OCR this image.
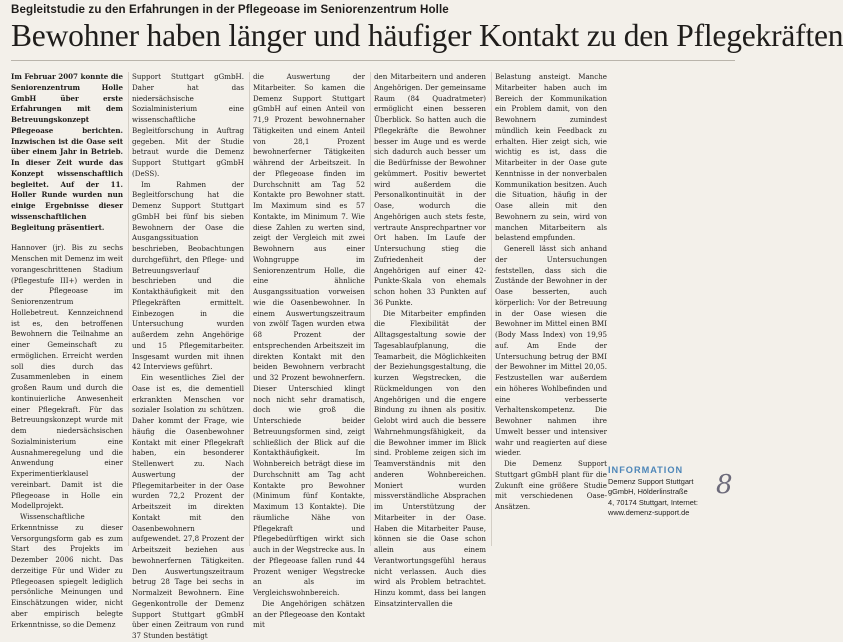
Begleitstudie zu den Erfahrungen in der Pflegeoase im Seniorenzentrum Holle
Bewohner haben länger und häufiger Kontakt zu den Pflegekräften

Im Februar 2007 konnte die Seniorenzentrum Holle GmbH über erste Erfahrungen mit dem Betreuungskonzept Pflegeoase berichten. Inzwischen ist die Oase seit über einem Jahr in Betrieb. In dieser Zeit wurde das Konzept wissenschaftlich begleitet. Auf der 11. Holler Runde wurden nun einige Ergebnisse dieser wissenschaftlichen Begleitung präsentiert.

Hannover (jr). Bis zu sechs Menschen mit Demenz im weit vorangeschrittenen Stadium (Pflegestufe III+) werden in der Pflegeoase im Seniorenzentrum Hollebetreut. Kennzeichnend ist es, den betroffenen Bewohnern die Teilnahme an einer Gemeinschaft zu ermöglichen. Erreicht werden soll dies durch das Zusammenleben in einem großen Raum und durch die kontinuierliche Anwesenheit einer Pflegekraft. Für das Betreuungskonzept wurde mit dem niedersächsischen Sozialministerium eine Ausnahmeregelung und die Anwendung einer Experimentierklausel vereinbart. Damit ist die Pflegeoase in Holle ein Modellprojekt.

Wissenschaftliche Erkenntnisse zu dieser Versorgungsform gab es zum Start des Projekts im Dezember 2006 nicht. Das derzeitige Für und Wider zu Pflegeoasen spiegelt lediglich persönliche Meinungen und Einschätzungen wider, nicht aber empirisch belegte Erkenntnisse, so die Demenz

Support Stuttgart gGmbH. Daher hat das niedersächsische Sozialministerium eine wissenschaftliche Begleitforschung in Auftrag gegeben. Mit der Studie betraut wurde die Demenz Support Stuttgart gGmbH (DeSS).

Im Rahmen der Begleitforschung hat die Demenz Support Stuttgart gGmbH bei fünf bis sieben Bewohnern der Oase die Ausgangssituation beschrieben, Beobachtungen durchgeführt, den Pflege- und Betreuungsverlauf beschrieben und die Kontakthäufigkeit mit den Pflegekräften ermittelt. Einbezogen in die Untersuchung wurden außerdem zehn Angehörige und 15 Pflegemitarbeiter. Insgesamt wurden mit ihnen 42 Interviews geführt.

Ein wesentliches Ziel der Oase ist es, die dementiell erkrankten Menschen vor sozialer Isolation zu schützen. Daher kommt der Frage, wie häufig die Oasenbewohner Kontakt mit einer Pflegekraft haben, ein besonderer Stellenwert zu. Nach Auswertung der Pflegemitarbeiter in der Oase wurden 72,2 Prozent der Arbeitszeit im direkten Kontakt mit den Oasenbewohnern aufgewendet. 27,8 Prozent der Arbeitszeit beziehen aus bewohnerfernen Tätigkeiten. Den Auswertungszeitraum betrug 28 Tage bei sechs in Normalzeit Bewohnern. Eine Gegenkontrolle der Demenz Support Stuttgart gGmbH über einen Zeitraum von rund 37 Stunden bestätigt

die Auswertung der Mitarbeiter. So kamen die Demenz Support Stuttgart gGmbH auf einen Anteil von 71,9 Prozent bewohnernaher Tätigkeiten und einem Anteil von 28,1 Prozent bewohnerferner Tätigkeiten während der Arbeitszeit. In der Pflegeoase finden im Durchschnitt am Tag 52 Kontakte pro Bewohner statt. Im Maximum sind es 57 Kontakte, im Minimum 7. Wie diese Zahlen zu werten sind, zeigt der Vergleich mit zwei Bewohnern aus einer Wohngruppe im Seniorenzentrum Holle, die eine ähnliche Ausgangssituation vorweisen wie die Oasenbewohner. In einem Auswertungszeitraum von zwölf Tagen wurden etwa 68 Prozent der entsprechenden Arbeitszeit im direkten Kontakt mit den beiden Bewohnern verbracht und 32 Prozent bewohnerfern. Dieser Unterschied klingt noch nicht sehr dramatisch, doch wie groß die Unterschiede beider Betreuungsformen sind, zeigt schließlich der Blick auf die Kontakthäufigkeit. Im Wohnbereich beträgt diese im Durchschnitt am Tag acht Kontakte pro Bewohner (Minimum fünf Kontakte, Maximum 13 Kontakte). Die räumliche Nähe von Pflegekraft und Pflegebedürftigen wirkt sich auch in der Wegstrecke aus. In der Pflegeoase fallen rund 44 Prozent weniger Wegstrecke an als im Vergleichswohnbereich.

Die Angehörigen schätzen an der Pflegeoase den Kontakt mit

den Mitarbeitern und anderen Angehörigen. Der gemeinsame Raum (84 Quadratmeter) ermöglicht einen besseren Überblick. So hatten auch die Pflegekräfte die Bewohner besser im Auge und es werde sich dadurch auch besser um die Bedürfnisse der Bewohner gekümmert. Positiv bewertet wird außerdem die Personalkontinuität in der Oase, wodurch die Angehörigen auch stets feste, vertraute Ansprechpartner vor Ort haben. Im Laufe der Untersuchung stieg die Zufriedenheit der Angehörigen auf einer 42-Punkte-Skala von ehemals schon hohen 33 Punkten auf 36 Punkte.

Die Mitarbeiter empfinden die Flexibilität der Alltagsgestaltung sowie der Tagesablaufplanung, die Teamarbeit, die Möglichkeiten der Beziehungsgestaltung, die kurzen Wegstrecken, die Rückmeldungen von den Angehörigen und die engere Bindung zu ihnen als positiv. Gelobt wird auch die bessere Wahrnehmungsfähigkeit, da die Bewohner immer im Blick sind. Probleme zeigen sich im Teamverständnis mit den anderen Wohnbereichen. Moniert wurden missverständliche Absprachen im Unterstützung der Mitarbeiter in der Oase. Haben die Mitarbeiter Pause, können sie die Oase schon allein aus einem Verantwortungsgefühl heraus nicht verlassen. Auch dies wird als Problem betrachtet. Hinzu kommt, dass bei langen Einsatzintervallen die

Belastung ansteigt. Manche Mitarbeiter haben auch im Bereich der Kommunikation ein Problem damit, von den Bewohnern zumindest mündlich kein Feedback zu erhalten. Hier zeigt sich, wie wichtig es ist, dass die Mitarbeiter in der Oase gute Kenntnisse in der nonverbalen Kommunikation besitzen. Auch die Situation, häufig in der Oase allein mit den Bewohnern zu sein, wird von manchen Mitarbeitern als belastend empfunden.

Generell lässt sich anhand der Untersuchungen feststellen, dass sich die Zustände der Bewohner in der Oase besserten, auch körperlich: Vor der Betreuung in der Oase wiesen die Bewohner im Mittel einen BMI (Body Mass Index) von 19,95 auf. Am Ende der Untersuchung betrug der BMI der Bewohner im Mittel 20,05. Festzustellen war außerdem ein höheres Wohlbefinden und eine verbesserte Verhaltenskompetenz. Die Bewohner nahmen ihre Umwelt besser und intensiver wahr und reagierten auf diese wieder.

Die Demenz Support Stuttgart gGmbH plant für die Zukunft eine größere Studie mit verschiedenen Oase-Ansätzen.

INFORMATION
Demenz Support Stuttgart
gGmbH, Hölderlinstraße
4, 70174 Stuttgart, Internet:
www.demenz-support.de
8
